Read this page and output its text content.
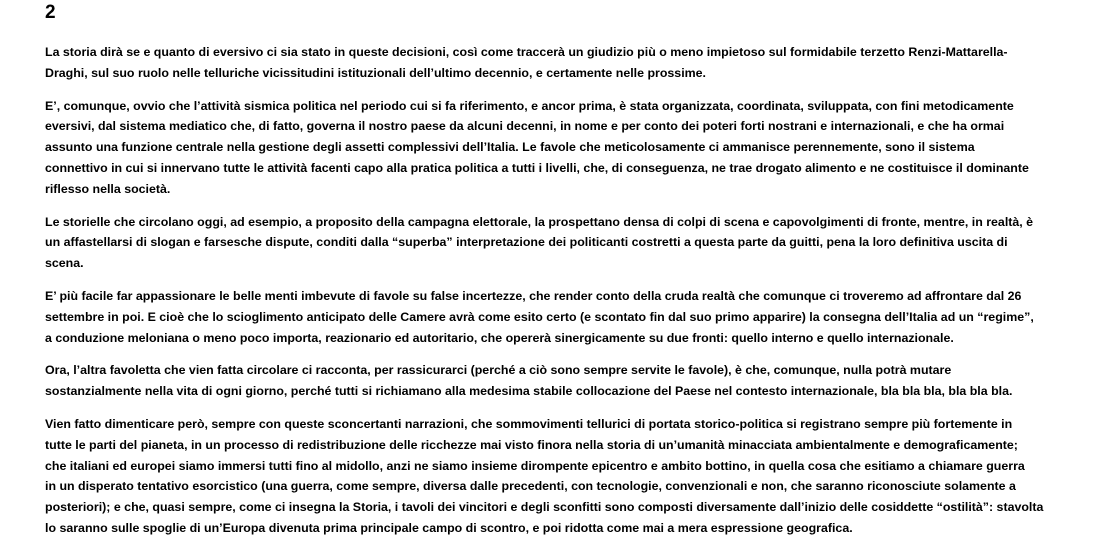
2

La storia dirà se e quanto di eversivo ci sia stato in queste decisioni, così come traccerà un giudizio più o meno impietoso sul formidabile terzetto Renzi-Mattarella-
Draghi, sul suo ruolo nelle telluriche vicissitudini istituzionali dell’ultimo decennio, e certamente nelle prossime.

E’, comunque, ovvio che l’attività sismica politica nel periodo cui si fa riferimento, e ancor prima, è stata organizzata, coordinata, sviluppata, con fini metodicamente
eversivi, dal sistema mediatico che, di fatto, governa il nostro paese da alcuni decenni, in nome e per conto dei poteri forti nostrani e internazionali, e che ha ormai
assunto una funzione centrale nella gestione degli assetti complessivi dell’Italia. Le favole che meticolosamente ci ammanisce perennemente, sono il sistema
connettivo in cui si innervano tutte le attività facenti capo alla pratica politica a tutti i livelli, che, di conseguenza, ne trae drogato alimento e ne costituisce il dominante
riflesso nella società.

Le storielle che circolano oggi, ad esempio, a proposito della campagna elettorale, la prospettano densa di colpi di scena e capovolgimenti di fronte, mentre, in realtà, è
un affastellarsi di slogan e farsesche dispute, conditi dalla “superba” interpretazione dei politicanti costretti a questa parte da guitti, pena la loro definitiva uscita di
scena.

E’ più facile far appassionare le belle menti imbevute di favole su false incertezze, che render conto della cruda realtà che comunque ci troveremo ad affrontare dal 26
settembre in poi. E cioè che lo scioglimento anticipato delle Camere avrà come esito certo (e scontato fin dal suo primo apparire) la consegna dell’Italia ad un “regime”,
a conduzione meloniana o meno poco importa, reazionario ed autoritario, che opererà sinergicamente su due fronti: quello interno e quello internazionale.

Ora, l’altra favoletta che vien fatta circolare ci racconta, per rassicurarci (perché a ciò sono sempre servite le favole), è che, comunque, nulla potrà mutare
sostanzialmente nella vita di ogni giorno, perché tutti si richiamano alla medesima stabile collocazione del Paese nel contesto internazionale, bla bla bla, bla bla bla.

Vien fatto dimenticare però, sempre con queste sconcertanti narrazioni, che sommovimenti tellurici di portata storico-politica si registrano sempre più fortemente in
tutte le parti del pianeta, in un processo di redistribuzione delle ricchezze mai visto finora nella storia di un’umanità minacciata ambientalmente e demograficamente;
che italiani ed europei siamo immersi tutti fino al midollo, anzi ne siamo insieme dirompente epicentro e ambito bottino, in quella cosa che esitiamo a chiamare guerra
in un disperato tentativo esorcistico (una guerra, come sempre, diversa dalle precedenti, con tecnologie, convenzionali e non, che saranno riconosciute solamente a
posteriori); e che, quasi sempre, come ci insegna la Storia, i tavoli dei vincitori e degli sconfitti sono composti diversamente dall’inizio delle cosiddette “ostilità”: stavolta
lo saranno sulle spoglie di un’Europa divenuta prima principale campo di scontro, e poi ridotta come mai a mera espressione geografica.
